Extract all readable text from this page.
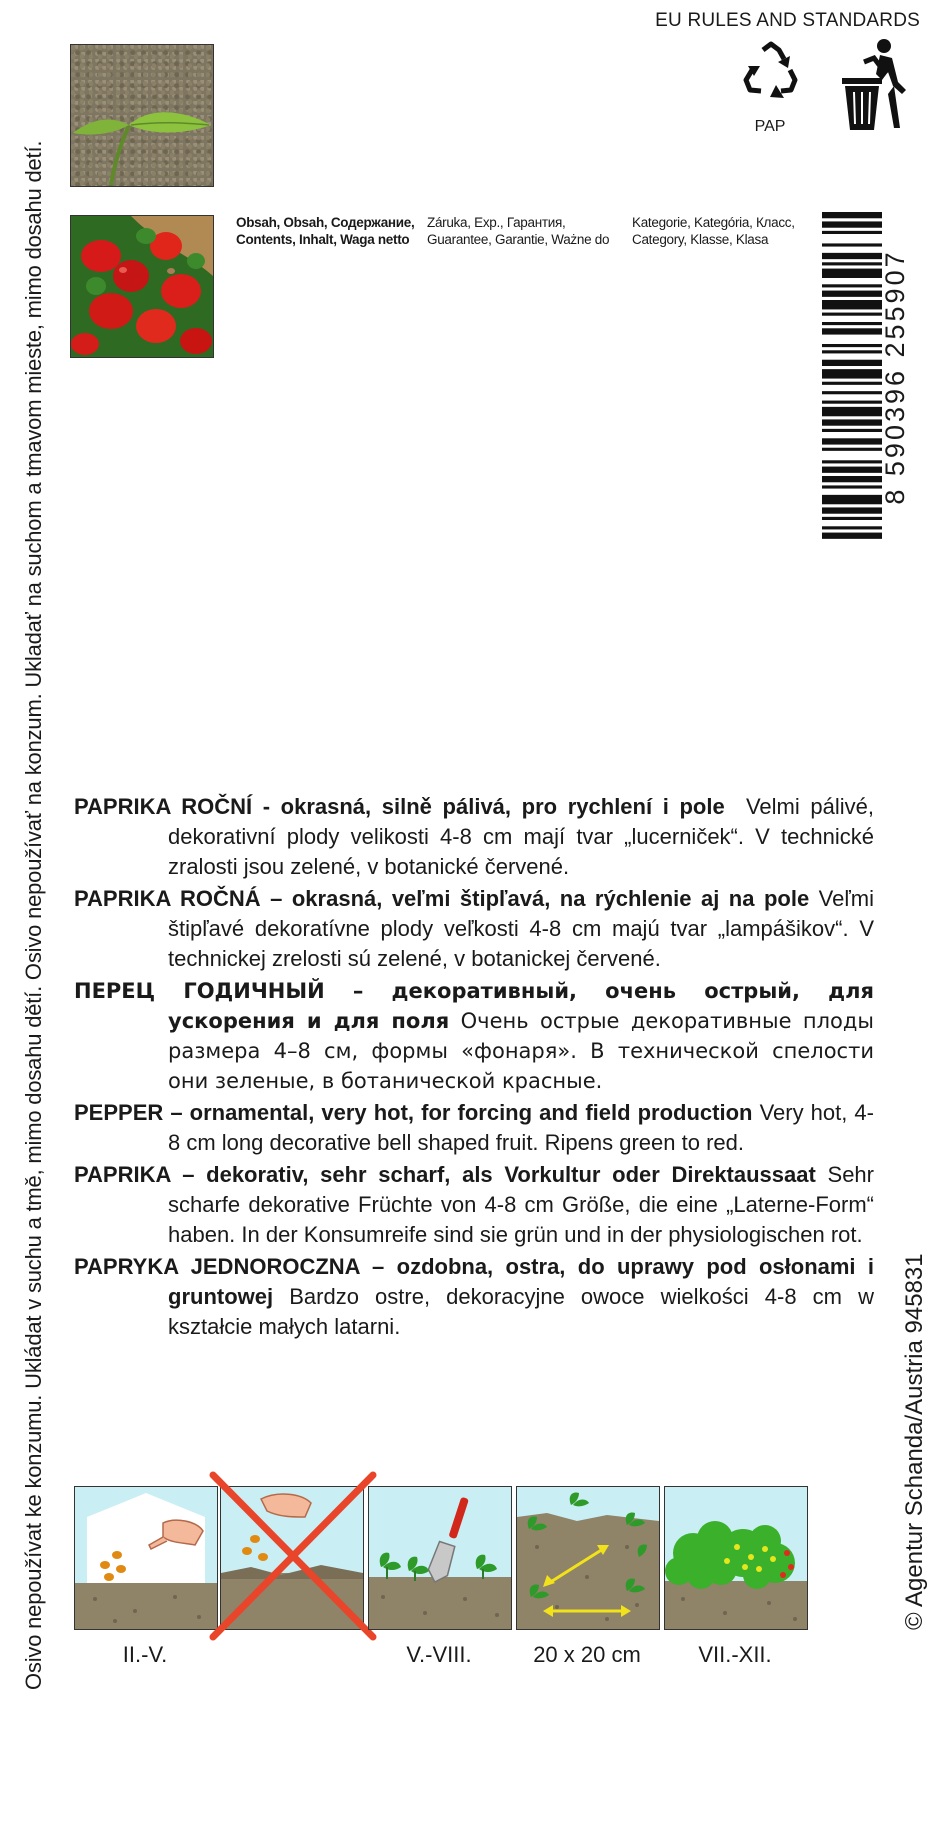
Osivo nepoužívat ke konzumu. Ukládat v suchu a tmě, mimo dosahu dětí. Osivo nepoužívať na konzum. Ukladať na suchom a tmavom mieste, mimo dosahu detí.	© Agentur Schanda/Austria 945831
EU RULES AND STANDARDS
PAP
Obsah, Obsah, Содержание,
Contents, Inhalt, Waga netto
Záruka, Exp., Гарантия,
Guarantee, Garantie, Ważne do
Kategorie, Kategória, Класс,
Category, Klasse, Klasa
8 590396 255907

PAPRIKA ROČNÍ - okrasná, silně pálivá, pro rychlení i pole Velmi pálivé, dekorativní plody velikosti 4-8 cm mají tvar „lucerniček“. V technické zralosti jsou zelené, v botanické červené.

PAPRIKA ROČNÁ – okrasná, veľmi štipľavá, na rýchlenie aj na pole Veľmi štipľavé dekoratívne plody veľkosti 4-8 cm majú tvar „lampášikov“. V technickej zrelosti sú zelené, v botanickej červené.

ПЕРЕЦ ГОДИЧНЫЙ – декоративный, очень острый, для ускорения и для поля Очень острые декоративные плоды размера 4–8 см, формы «фонаря». В технической спелости они зеленые, в ботанической красные.

PEPPER – ornamental, very hot, for forcing and field production Very hot, 4-8 cm long decorative bell shaped fruit. Ripens green to red.

PAPRIKA – dekorativ, sehr scharf, als Vorkultur oder Direktaussaat Sehr scharfe dekorative Früchte von 4-8 cm Größe, die eine „Laterne-Form“ haben. In der Konsumreife sind sie grün und in der physiologischen rot.

PAPRYKA JEDNOROCZNA – ozdobna, ostra, do uprawy pod osłonami i gruntowej Bardzo ostre, dekoracyjne owoce wielkości 4-8 cm w kształcie małych latarni.

II.-V.	V.-VIII.	20 x 20 cm	VII.-XII.
